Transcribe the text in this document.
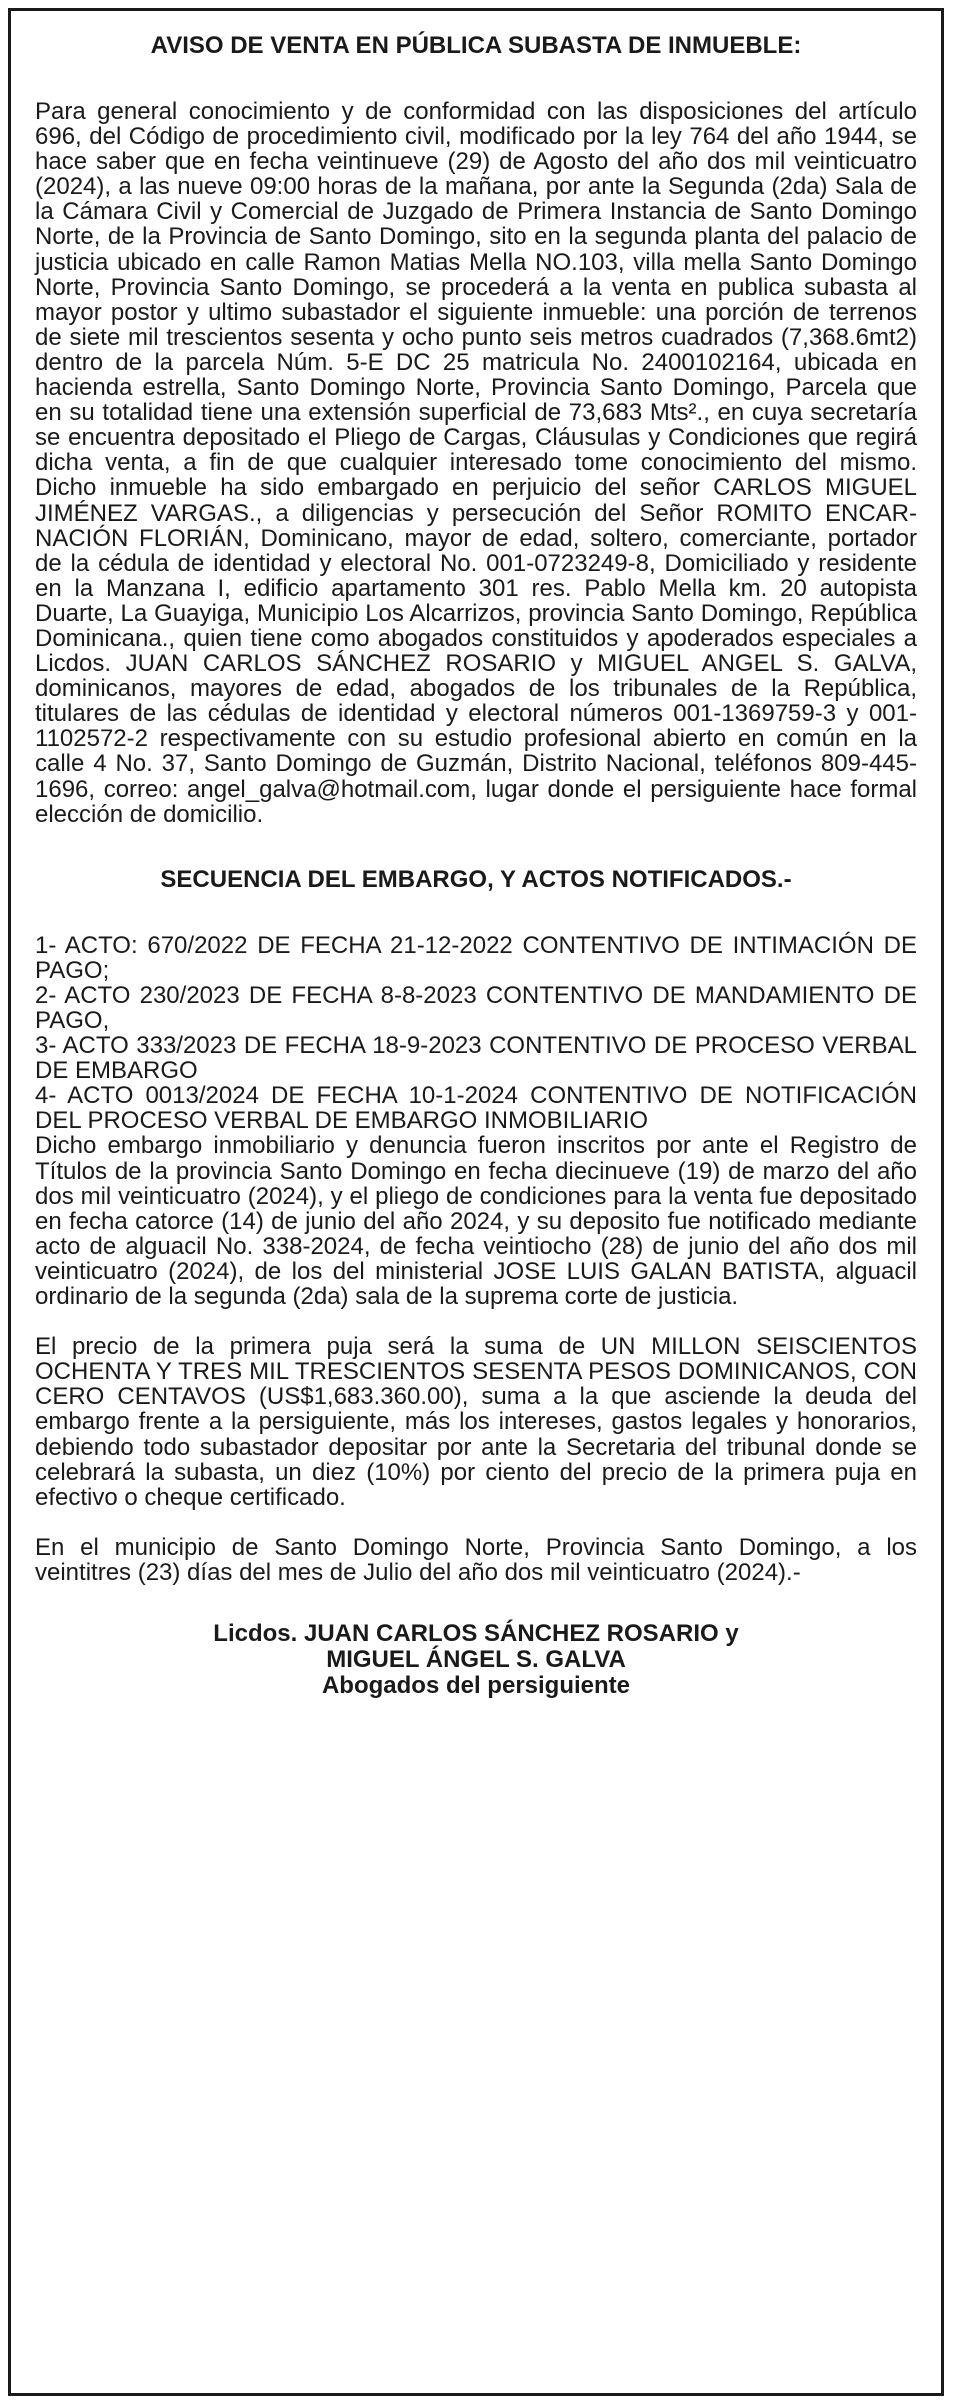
AVISO DE VENTA EN PÚBLICA SUBASTA DE INMUEBLE:

Para general conocimiento y de conformidad con las disposiciones del artículo 696, del Código de procedimiento civil, modificado por la ley 764 del año 1944, se hace saber que en fecha veintinueve (29) de Agosto del año dos mil veinticuatro (2024), a las nueve 09:00 horas de la mañana, por ante la Segunda (2da) Sala de la Cámara Civil y Comercial de Juzgado de Primera Instancia de Santo Domingo Norte, de la Provincia de Santo Domingo, sito en la segunda planta del palacio de justicia ubicado en calle Ramon Matias Mella NO.103, villa mella Santo Domingo Norte, Provincia Santo Domingo, se procederá a la venta en publica subasta al mayor postor y ultimo subastador el siguiente inmueble: una porción de terrenos de siete mil trescientos sesenta y ocho punto seis metros cuadrados (7,368.6mt2) dentro de la parcela Núm. 5-E DC 25 matricula No. 2400102164, ubicada en hacienda estrella, Santo Domingo Norte, Provincia Santo Domingo, Parcela que en su totalidad tiene una extensión superficial de 73,683 Mts²., en cuya secretaría se encuentra depositado el Pliego de Cargas, Cláusulas y Condiciones que regirá dicha venta, a fin de que cualquier interesado tome conocimiento del mismo. Dicho inmueble ha sido embargado en perjuicio del señor CARLOS MIGUEL JIMÉNEZ VARGAS., a diligencias y persecución del Señor ROMITO ENCARNACIÓN FLORIÁN, Dominicano, mayor de edad, soltero, comerciante, portador de la cédula de identidad y electoral No. 001-0723249-8, Domiciliado y residente en la Manzana I, edificio apartamento 301 res. Pablo Mella km. 20 autopista Duarte, La Guayiga, Municipio Los Alcarrizos, provincia Santo Domingo, República Dominicana., quien tiene como abogados constituidos y apoderados especiales a Licdos. JUAN CARLOS SÁNCHEZ ROSARIO y MIGUEL ANGEL S. GALVA, dominicanos, mayores de edad, abogados de los tribunales de la República, titulares de las cédulas de identidad y electoral números 001-1369759-3 y 001-1102572-2 respectivamente con su estudio profesional abierto en común en la calle 4 No. 37, Santo Domingo de Guzmán, Distrito Nacional, teléfonos 809-445-1696, correo: angel_galva@hotmail.com, lugar donde el persiguiente hace formal elección de domicilio.

SECUENCIA DEL EMBARGO, Y ACTOS NOTIFICADOS.-

1- ACTO: 670/2022 DE FECHA 21-12-2022 CONTENTIVO DE INTIMACIÓN DE PAGO;

2- ACTO 230/2023 DE FECHA 8-8-2023 CONTENTIVO DE MANDAMIENTO DE PAGO,

3- ACTO 333/2023 DE FECHA 18-9-2023 CONTENTIVO DE PROCESO VERBAL DE EMBARGO

4- ACTO 0013/2024 DE FECHA 10-1-2024 CONTENTIVO DE NOTIFICACIÓN DEL PROCESO VERBAL DE EMBARGO INMOBILIARIO

Dicho embargo inmobiliario y denuncia fueron inscritos por ante el Registro de Títulos de la provincia Santo Domingo en fecha diecinueve (19) de marzo del año dos mil veinticuatro (2024), y el pliego de condiciones para la venta fue depositado en fecha catorce (14) de junio del año 2024, y su deposito fue notificado mediante acto de alguacil No. 338-2024, de fecha veintiocho (28) de junio del año dos mil veinticuatro (2024), de los del ministerial JOSE LUIS GALAN BATISTA, alguacil ordinario de la segunda (2da) sala de la suprema corte de justicia.

El precio de la primera puja será la suma de UN MILLON SEISCIENTOS OCHENTA Y TRES MIL TRESCIENTOS SESENTA PESOS DOMINICANOS, CON CERO CENTAVOS (US$1,683.360.00), suma a la que asciende la deuda del embargo frente a la persiguiente, más los intereses, gastos legales y honorarios, debiendo todo subastador depositar por ante la Secretaria del tribunal donde se celebrará la subasta, un diez (10%) por ciento del precio de la primera puja en efectivo o cheque certificado.

En el municipio de Santo Domingo Norte, Provincia Santo Domingo, a los veintitres (23) días del mes de Julio del año dos mil veinticuatro (2024).-

Licdos. JUAN CARLOS SÁNCHEZ ROSARIO y
MIGUEL ÁNGEL S. GALVA
Abogados del persiguiente
